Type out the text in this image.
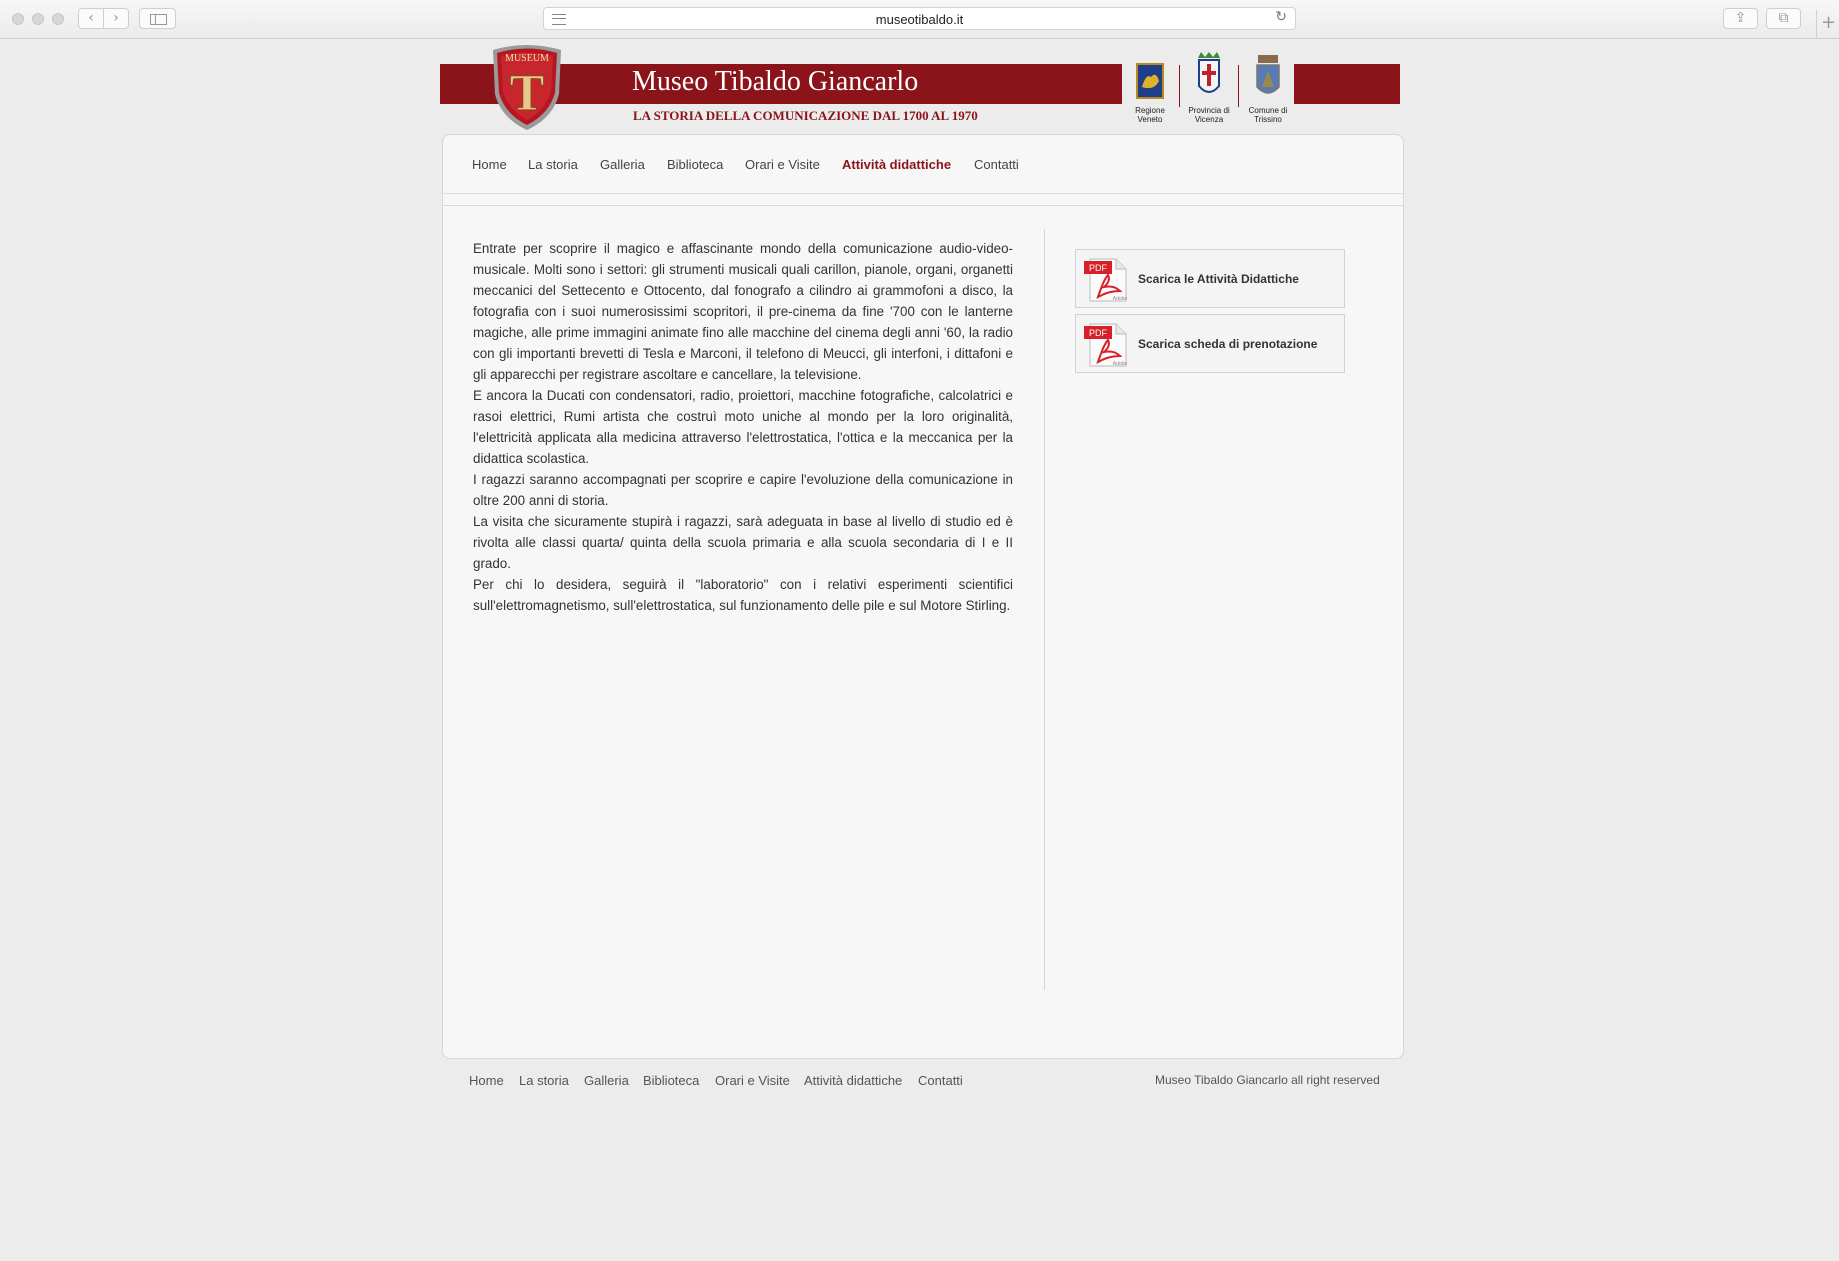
‹	›	museotibaldo.it	↻	⇪	⧉	+
MUSEUM
T	Museo Tibaldo Giancarlo
LA STORIA DELLA COMUNICAZIONE DAL 1700 AL 1970	Regione
Veneto
Provincia di
Vicenza
Comune di
Trissino
Home La storia Galleria Biblioteca Orari e Visite Attività didattiche Contatti

Entrate per scoprire il magico e affascinante mondo della comunicazione audio-video-musicale. Molti sono i settori: gli strumenti musicali quali carillon, pianole, organi, organetti meccanici del Settecento e Ottocento, dal fonografo a cilindro ai grammofoni a disco, la fotografia con i suoi numerosissimi scopritori, il pre-cinema da fine '700 con le lanterne magiche, alle prime immagini animate fino alle macchine del cinema degli anni '60, la radio con gli importanti brevetti di Tesla e Marconi, il telefono di Meucci, gli interfoni, i dittafoni e gli apparecchi per registrare ascoltare e cancellare, la televisione.

E ancora la Ducati con condensatori, radio, proiettori, macchine fotografiche, calcolatrici e rasoi elettrici, Rumi artista che costruì moto uniche al mondo per la loro originalità, l'elettricità applicata alla medicina attraverso l'elettrostatica, l'ottica e la meccanica per la didattica scolastica.

I ragazzi saranno accompagnati per scoprire e capire l'evoluzione della comunicazione in oltre 200 anni di storia.

La visita che sicuramente stupirà i ragazzi, sarà adeguata in base al livello di studio ed è rivolta alle classi quarta/ quinta della scuola primaria e alla scuola secondaria di I e II grado.

Per chi lo desidera, seguirà il "laboratorio" con i relativi esperimenti scientifici sull'elettromagnetismo, sull'elettrostatica, sul funzionamento delle pile e sul Motore Stirling.

PDF
Adobe
Scarica le Attività Didattiche
PDF
Adobe
Scarica scheda di prenotazione
Home La storia Galleria Biblioteca Orari e Visite Attività didattiche Contatti	Museo Tibaldo Giancarlo all right reserved
